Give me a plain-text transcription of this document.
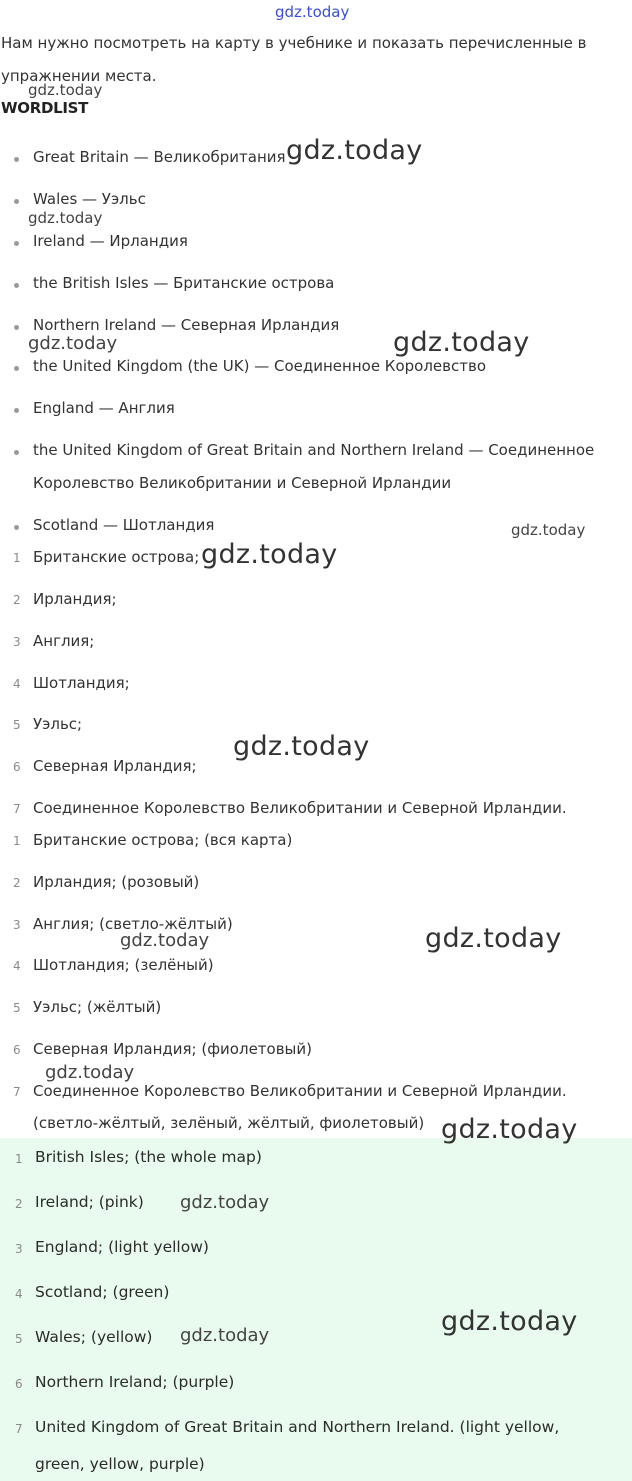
gdz.today
Нам нужно посмотреть на карту в учебнике и показать перечисленные в
упражнении места.
WORDLIST
Great Britain — Великобритания
Wales — Уэльс
Ireland — Ирландия
the British Isles — Британские острова
Northern Ireland — Северная Ирландия
the United Kingdom (the UK) — Соединенное Королевство
England — Англия
the United Kingdom of Great Britain and Northern Ireland — Соединенное
Королевство Великобритании и Северной Ирландии
Scotland — Шотландия
1 Британские острова;
2 Ирландия;
3 Англия;
4 Шотландия;
5 Уэльс;
6 Северная Ирландия;
7 Соединенное Королевство Великобритании и Северной Ирландии.
1 Британские острова; (вся карта)
2 Ирландия; (розовый)
3 Англия; (светло-жёлтый)
4 Шотландия; (зелёный)
5 Уэльс; (жёлтый)
6 Северная Ирландия; (фиолетовый)
7 Соединенное Королевство Великобритании и Северной Ирландии.
(светло-жёлтый, зелёный, жёлтый, фиолетовый)
1 British Isles; (the whole map)
2 Ireland; (pink)
3 England; (light yellow)
4 Scotland; (green)
5 Wales; (yellow)
6 Northern Ireland; (purple)
7 United Kingdom of Great Britain and Northern Ireland. (light yellow,
green, yellow, purple)
gdz.today
gdz.today
gdz.today
gdz.today	gdz.today
gdz.today
gdz.today
gdz.today
gdz.today	gdz.today
gdz.today
gdz.today
gdz.today
gdz.today	gdz.today
